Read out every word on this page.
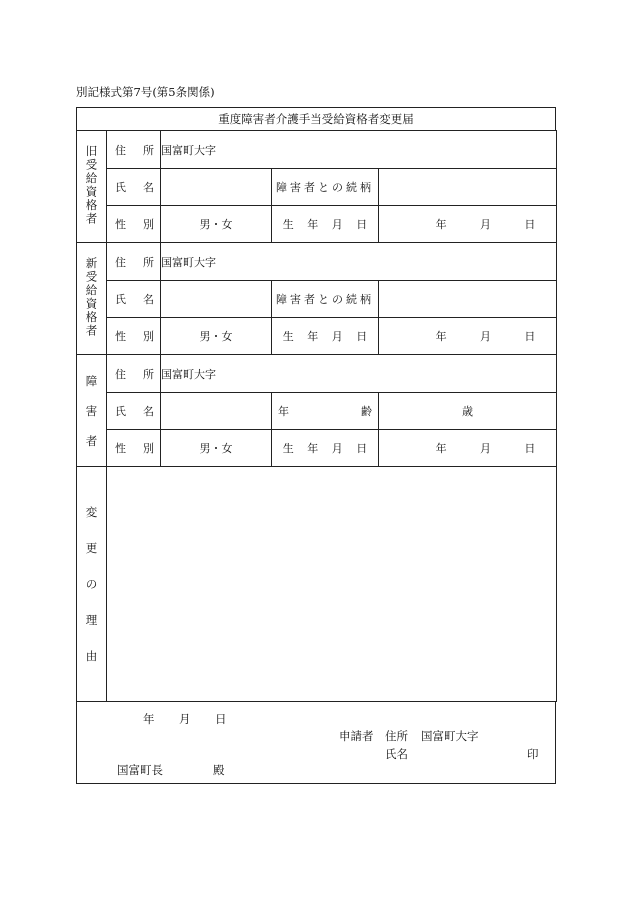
別記様式第7号(第5条関係)
重度障害者介護手当受給資格者変更届
旧受給資格者	住 所	国富町大字		

	氏 名		障害者との続柄	

	性 別	男・女	生 年 月 日	年 月 日

新受給資格者	住 所	国富町大字		

	氏 名		障害者との続柄	

	性 別	男・女	生 年 月 日	年 月 日

障
害
者	住 所	国富町大字		

	氏 名		年 齢	歳

	性 別	男・女	生 年 月 日	年 月 日

変
更
の
理
由				

年 月 日
申請者 住所 国富町大字
氏名	印
国富町長	殿
